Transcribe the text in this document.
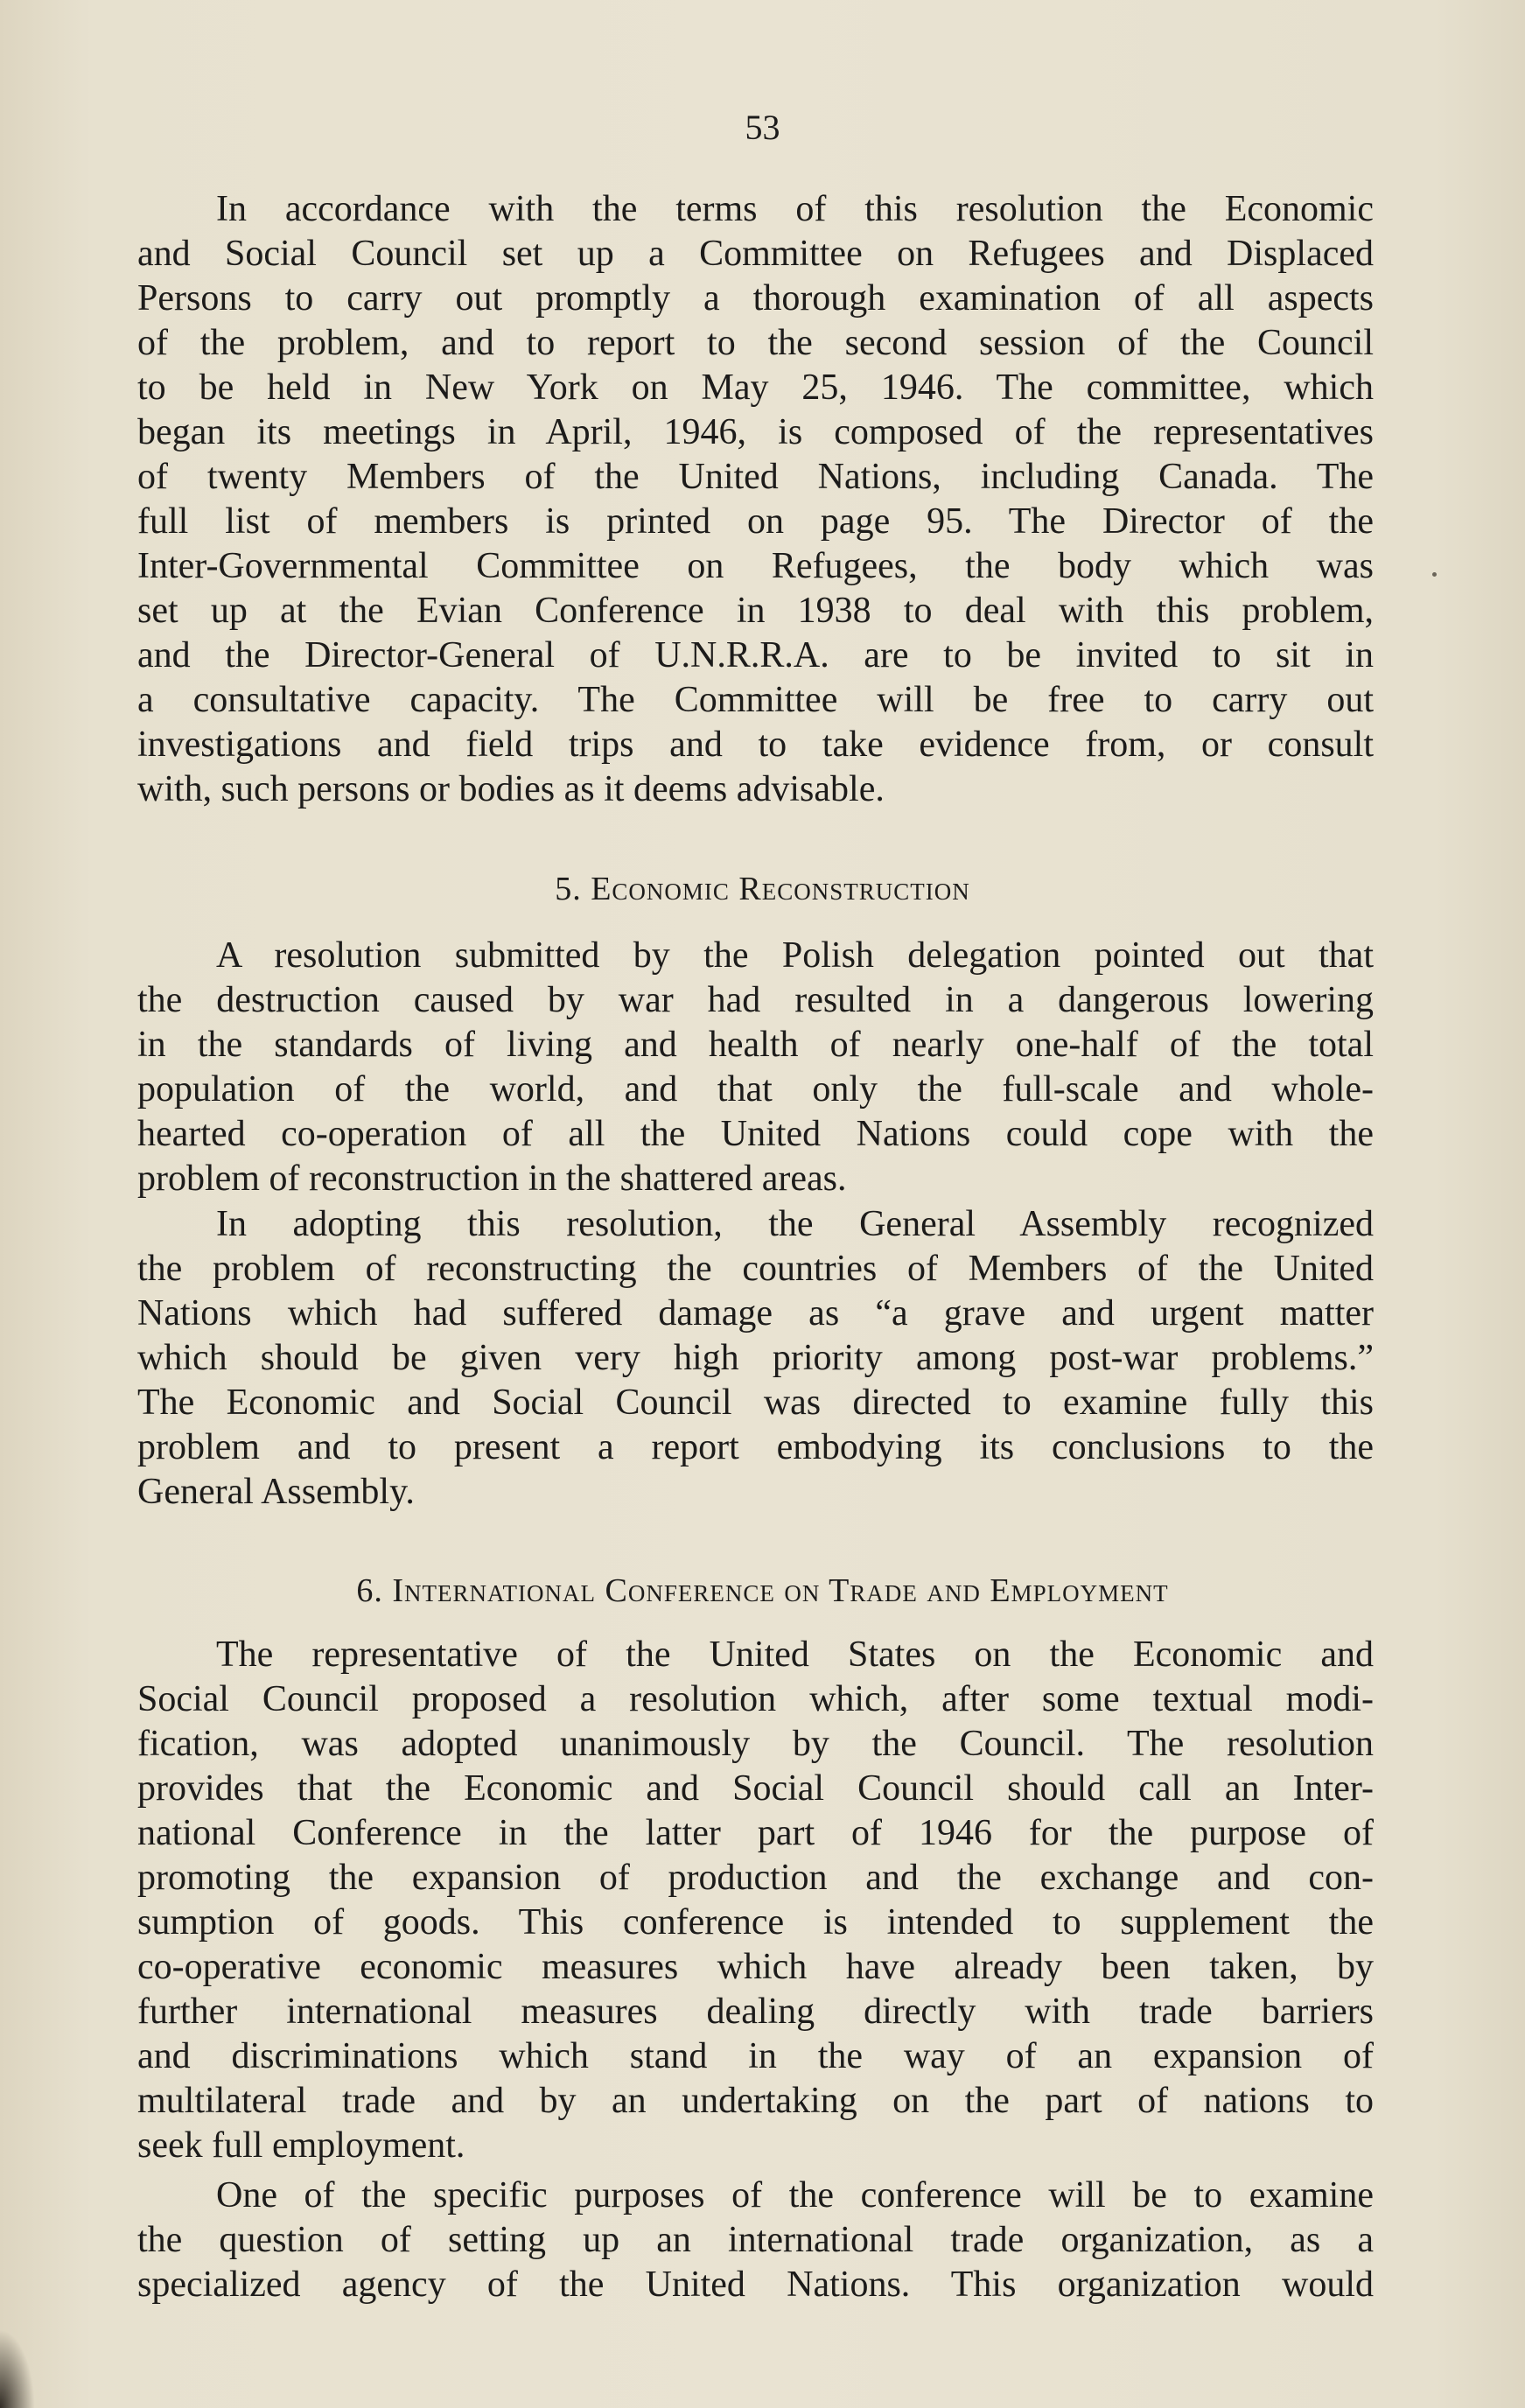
53
In accordance with the terms of this resolution the Economic
and Social Council set up a Committee on Refugees and Displaced
Persons to carry out promptly a thorough examination of all aspects
of the problem, and to report to the second session of the Council
to be held in New York on May 25, 1946. The committee, which
began its meetings in April, 1946, is composed of the representatives
of twenty Members of the United Nations, including Canada. The
full list of members is printed on page 95. The Director of the
Inter-Governmental Committee on Refugees, the body which was
set up at the Evian Conference in 1938 to deal with this problem,
and the Director-General of U.N.R.R.A. are to be invited to sit in
a consultative capacity. The Committee will be free to carry out
investigations and field trips and to take evidence from, or consult
with, such persons or bodies as it deems advisable.
5. Economic Reconstruction
A resolution submitted by the Polish delegation pointed out that
the destruction caused by war had resulted in a dangerous lowering
in the standards of living and health of nearly one-half of the total
population of the world, and that only the full-scale and whole-
hearted co-operation of all the United Nations could cope with the
problem of reconstruction in the shattered areas.
In adopting this resolution, the General Assembly recognized
the problem of reconstructing the countries of Members of the United
Nations which had suffered damage as “a grave and urgent matter
which should be given very high priority among post-war problems.”
The Economic and Social Council was directed to examine fully this
problem and to present a report embodying its conclusions to the
General Assembly.
6. International Conference on Trade and Employment
The representative of the United States on the Economic and
Social Council proposed a resolution which, after some textual modi-
fication, was adopted unanimously by the Council. The resolution
provides that the Economic and Social Council should call an Inter-
national Conference in the latter part of 1946 for the purpose of
promoting the expansion of production and the exchange and con-
sumption of goods. This conference is intended to supplement the
co-operative economic measures which have already been taken, by
further international measures dealing directly with trade barriers
and discriminations which stand in the way of an expansion of
multilateral trade and by an undertaking on the part of nations to
seek full employment.
One of the specific purposes of the conference will be to examine
the question of setting up an international trade organization, as a
specialized agency of the United Nations. This organization would
